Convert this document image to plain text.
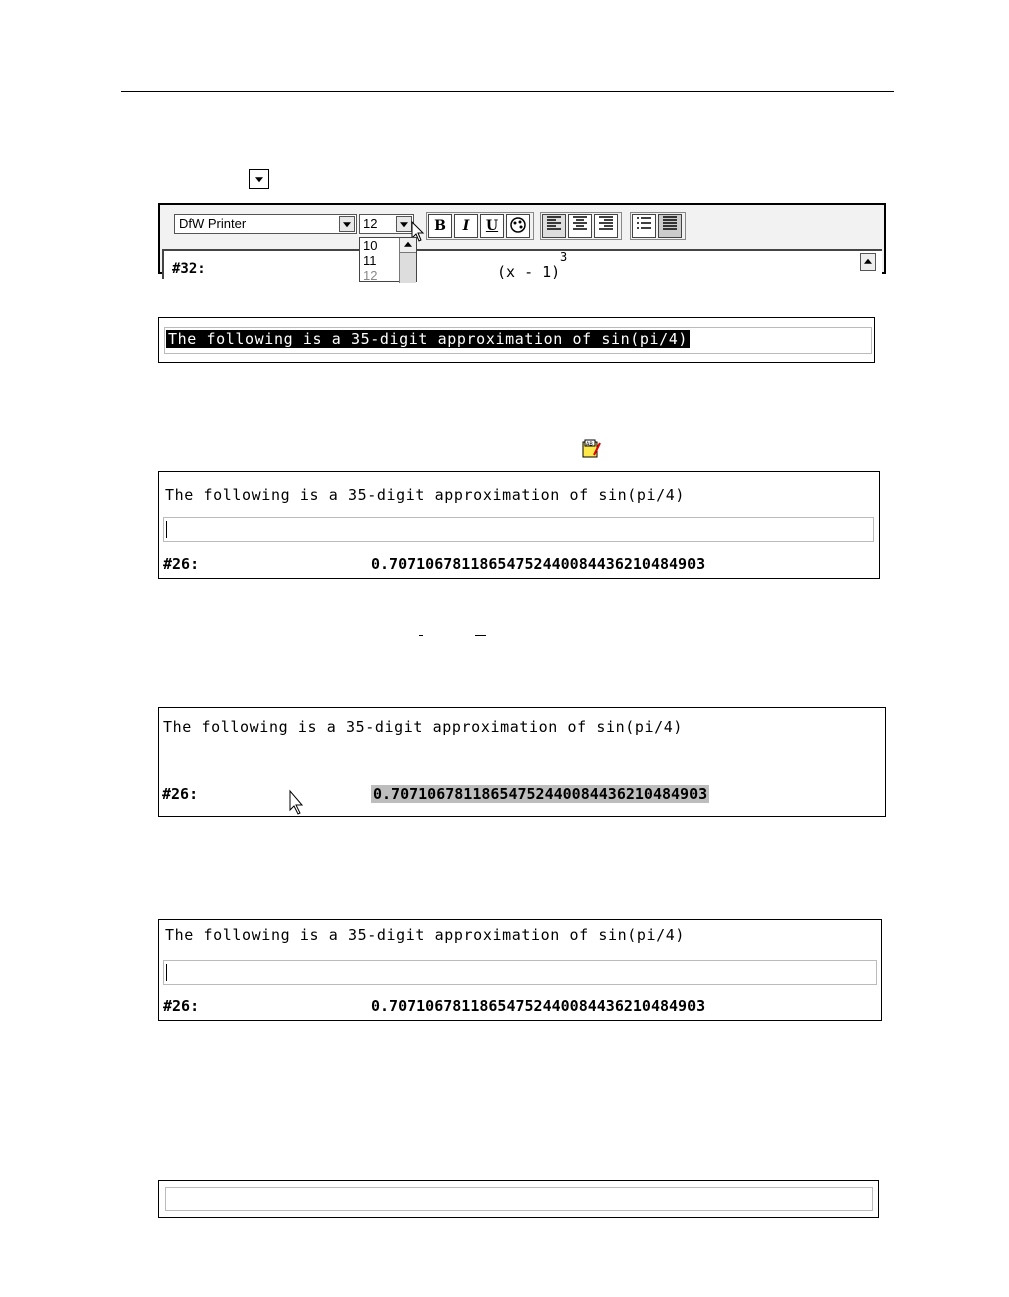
DfW Printer	12	B	I	U
#32:
3
(x - 1)
10
11
12
The following is a 35-digit approximation of sin(pi/4)
AB
The following is a 35-digit approximation of sin(pi/4)
#26:	0.70710678118654752440084436210484903
The following is a 35-digit approximation of sin(pi/4)
#26:	0.70710678118654752440084436210484903
The following is a 35-digit approximation of sin(pi/4)
#26:	0.70710678118654752440084436210484903
